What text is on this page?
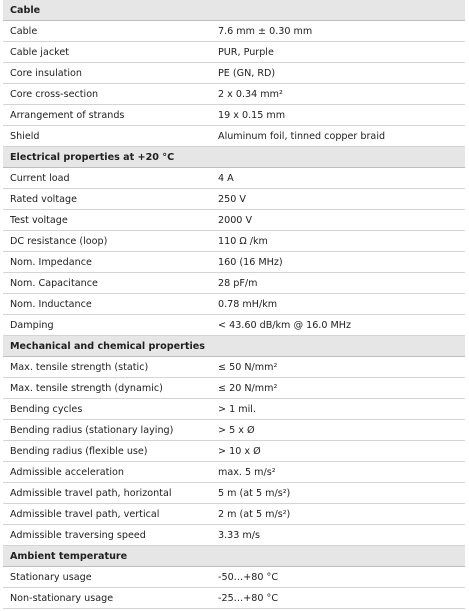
Cable
Cable	7.6 mm ± 0.30 mm
Cable jacket	PUR, Purple
Core insulation	PE (GN, RD)
Core cross-section	2 x 0.34 mm²
Arrangement of strands	19 x 0.15 mm
Shield	Aluminum foil, tinned copper braid
Electrical properties at +20 °C
Current load	4 A
Rated voltage	250 V
Test voltage	2000 V
DC resistance (loop)	110 Ω /km
Nom. Impedance	160 (16 MHz)
Nom. Capacitance	28 pF/m
Nom. Inductance	0.78 mH/km
Damping	< 43.60 dB/km @ 16.0 MHz
Mechanical and chemical properties
Max. tensile strength (static)	≤ 50 N/mm²
Max. tensile strength (dynamic)	≤ 20 N/mm²
Bending cycles	> 1 mil.
Bending radius (stationary laying)	> 5 x Ø
Bending radius (flexible use)	> 10 x Ø
Admissible acceleration	max. 5 m/s²
Admissible travel path, horizontal	5 m (at 5 m/s²)
Admissible travel path, vertical	2 m (at 5 m/s²)
Admissible traversing speed	3.33 m/s
Ambient temperature
Stationary usage	-50…+80 °C
Non-stationary usage	-25…+80 °C
